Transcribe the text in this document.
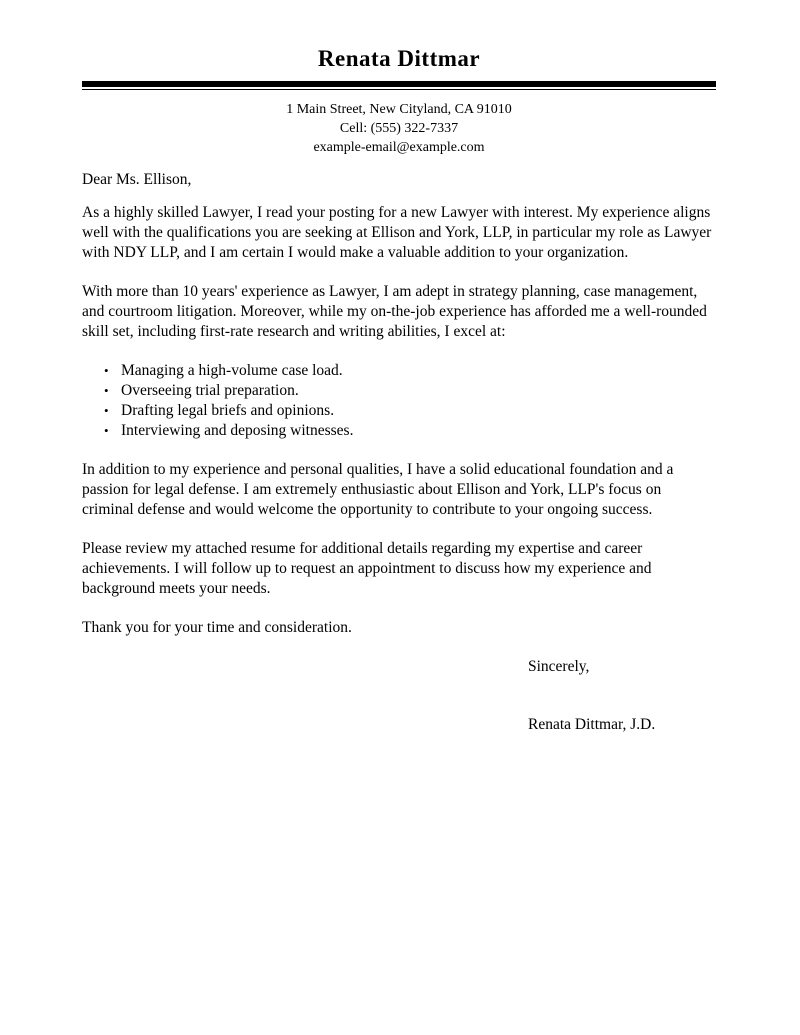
Renata Dittmar
1 Main Street, New Cityland, CA 91010
Cell: (555) 322-7337
example-email@example.com
Dear Ms. Ellison,
As a highly skilled Lawyer, I read your posting for a new Lawyer with interest. My experience aligns well with the qualifications you are seeking at Ellison and York, LLP, in particular my role as Lawyer with NDY LLP, and I am certain I would make a valuable addition to your organization.
With more than 10 years' experience as Lawyer, I am adept in strategy planning, case management, and courtroom litigation. Moreover, while my on-the-job experience has afforded me a well-rounded skill set, including first-rate research and writing abilities, I excel at:
• Managing a high-volume case load.
• Overseeing trial preparation.
• Drafting legal briefs and opinions.
• Interviewing and deposing witnesses.
In addition to my experience and personal qualities, I have a solid educational foundation and a passion for legal defense. I am extremely enthusiastic about Ellison and York, LLP's focus on criminal defense and would welcome the opportunity to contribute to your ongoing success.
Please review my attached resume for additional details regarding my expertise and career achievements. I will follow up to request an appointment to discuss how my experience and background meets your needs.
Thank you for your time and consideration.
Sincerely,
Renata Dittmar, J.D.
